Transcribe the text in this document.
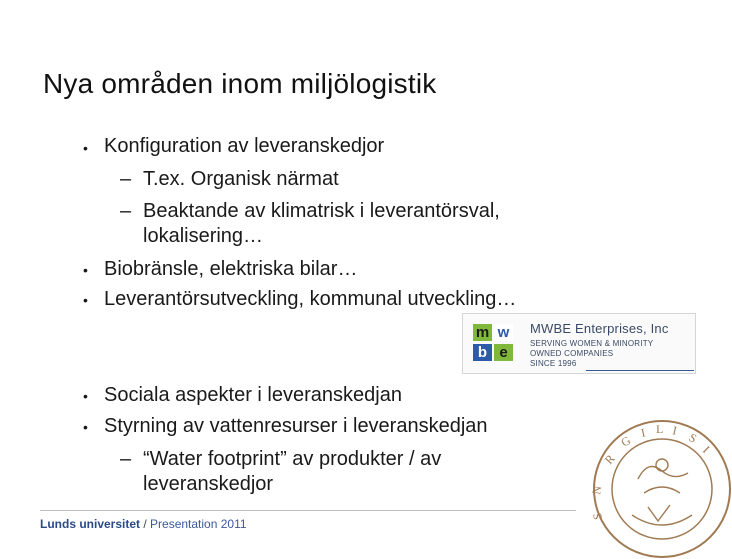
Nya områden inom miljölogistik
• Konfiguration av leveranskedjor
– T.ex. Organisk närmat
– Beaktande av klimatrisk i leverantörsval,
lokalisering…
• Biobränsle, elektriska bilar…
• Leverantörsutveckling, kommunal utveckling…
• Sociala aspekter i leveranskedjan
• Styrning av vattenresurser i leveranskedjan
– “Water footprint” av produkter / av
leveranskedjor
m w
b e
MWBE Enterprises, Inc
SERVING WOMEN & MINORITY
OWNED COMPANIES
SINCE 1996
Lunds universitet / Presentation 2011
R
G
I L I S
I
N
S
